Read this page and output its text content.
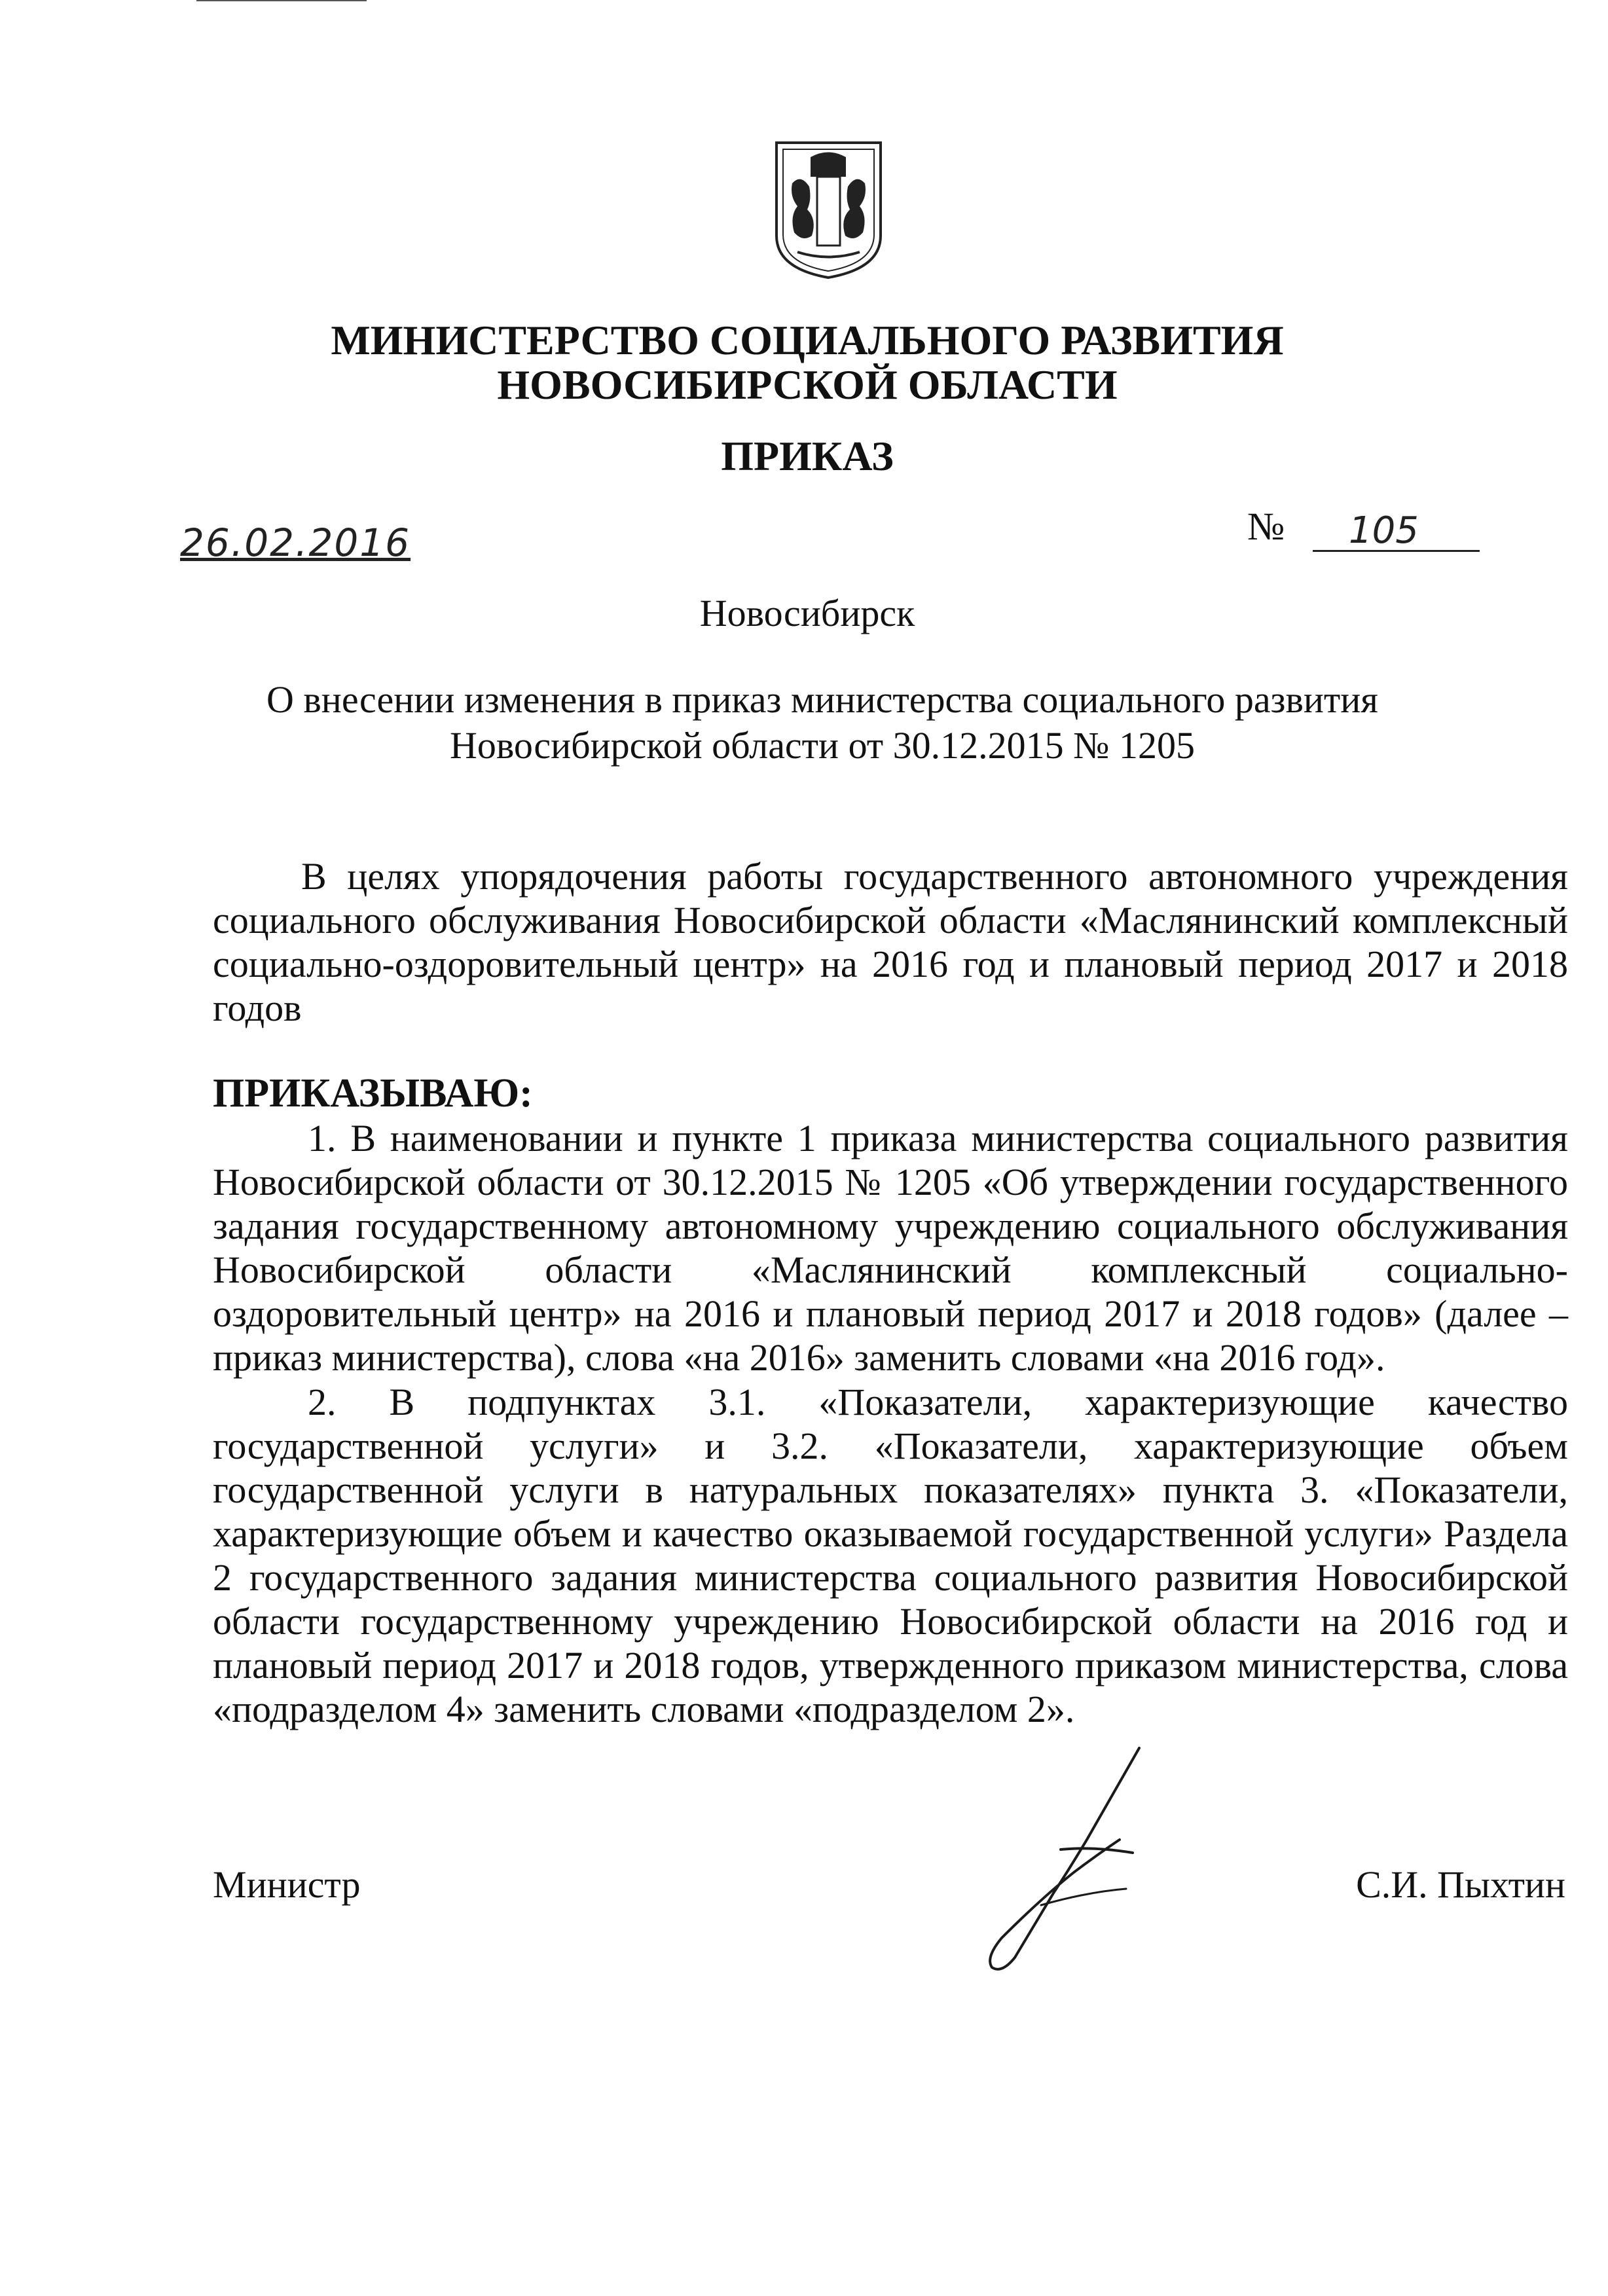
МИНИСТЕРСТВО СОЦИАЛЬНОГО РАЗВИТИЯ
НОВОСИБИРСКОЙ ОБЛАСТИ
ПРИКАЗ
26.02.2016	№ 105
Новосибирск
О внесении изменения в приказ министерства социального развития
Новосибирской области от 30.12.2015 № 1205
В целях упорядочения работы государственного автономного учреждения социального обслуживания Новосибирской области «Маслянинский комплексный социально-оздоровительный центр» на 2016 год и плановый период 2017 и 2018 годов
ПРИКАЗЫВАЮ:
1. В наименовании и пункте 1 приказа министерства социального развития Новосибирской области от 30.12.2015 № 1205 «Об утверждении государственного задания государственному автономному учреждению социального обслуживания Новосибирской области «Маслянинский комплексный социально-оздоровительный центр» на 2016 и плановый период 2017 и 2018 годов» (далее – приказ министерства), слова «на 2016» заменить словами «на 2016 год».
2. В подпунктах 3.1. «Показатели, характеризующие качество государственной услуги» и 3.2. «Показатели, характеризующие объем государственной услуги в натуральных показателях» пункта 3. «Показатели, характеризующие объем и качество оказываемой государственной услуги» Раздела 2 государственного задания министерства социального развития Новосибирской области государственному учреждению Новосибирской области на 2016 год и плановый период 2017 и 2018 годов, утвержденного приказом министерства, слова «подразделом 4» заменить словами «подразделом 2».
Министр	С.И. Пыхтин
